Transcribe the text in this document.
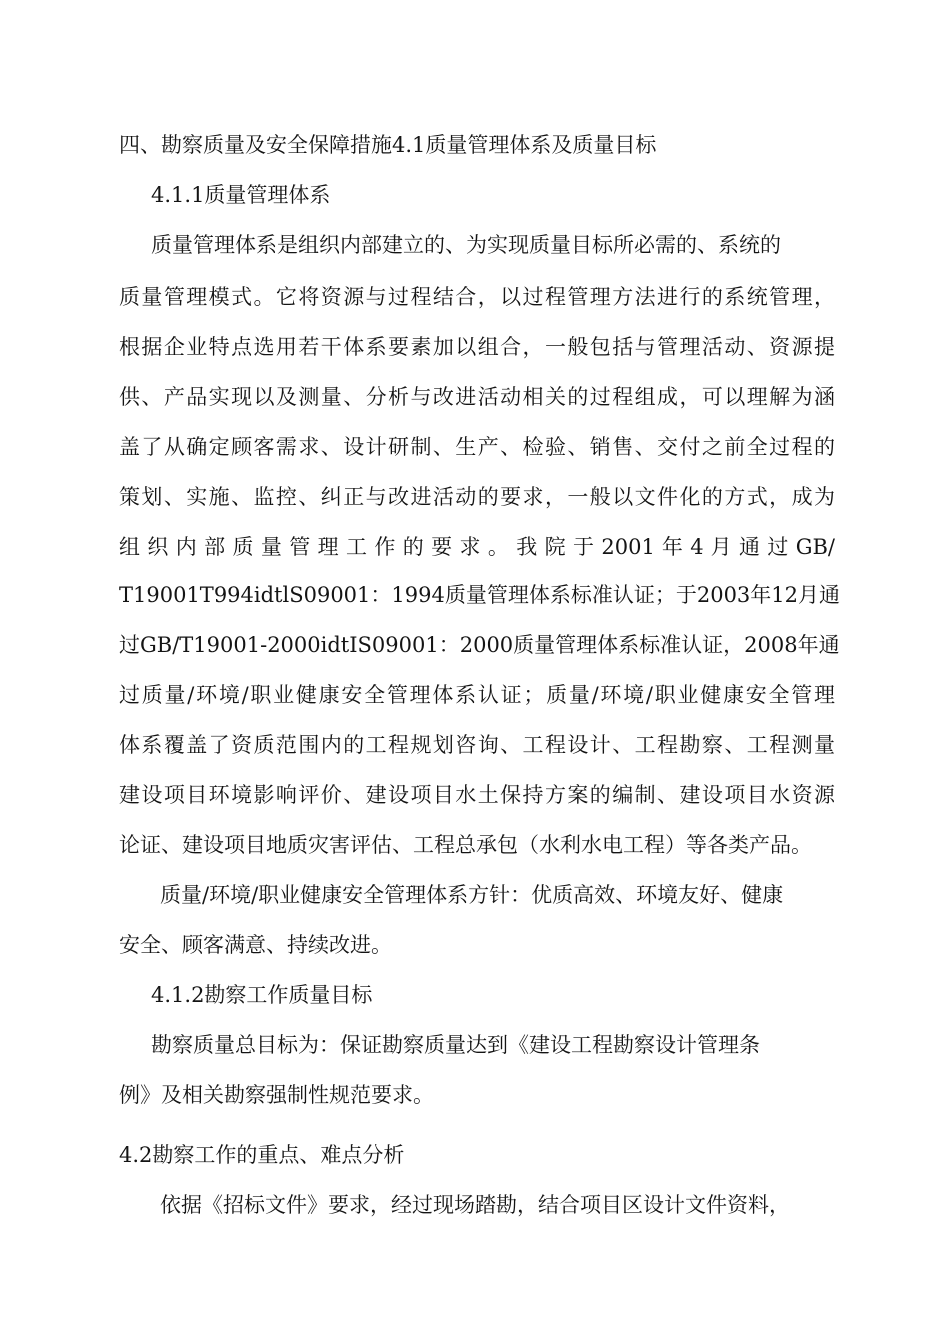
四、勘察质量及安全保障措施4.1质量管理体系及质量目标
4.1.1质量管理体系
质量管理体系是组织内部建立的、为实现质量目标所必需的、系统的
质量管理模式。它将资源与过程结合，以过程管理方法进行的系统管理，
根据企业特点选用若干体系要素加以组合，一般包括与管理活动、资源提
供、产品实现以及测量、分析与改进活动相关的过程组成，可以理解为涵
盖了从确定顾客需求、设计研制、生产、检验、销售、交付之前全过程的
策划、实施、监控、纠正与改进活动的要求，一般以文件化的方式，成为
组 织 内 部 质 量 管 理 工 作 的 要 求 。 我 院 于 2001 年 4 月 通 过 GB/
T19001T994idtlS09001：1994质量管理体系标准认证；于2003年12月通
过GB/T19001-2000idtIS09001：2000质量管理体系标准认证，2008年通
过质量/环境/职业健康安全管理体系认证；质量/环境/职业健康安全管理
体系覆盖了资质范围内的工程规划咨询、工程设计、工程勘察、工程测量
建设项目环境影响评价、建设项目水土保持方案的编制、建设项目水资源
论证、建设项目地质灾害评估、工程总承包（水利水电工程）等各类产品。
质量/环境/职业健康安全管理体系方针：优质高效、环境友好、健康
安全、顾客满意、持续改进。
4.1.2勘察工作质量目标
勘察质量总目标为：保证勘察质量达到《建设工程勘察设计管理条
例》及相关勘察强制性规范要求。
4.2勘察工作的重点、难点分析
依据《招标文件》要求，经过现场踏勘，结合项目区设计文件资料，
